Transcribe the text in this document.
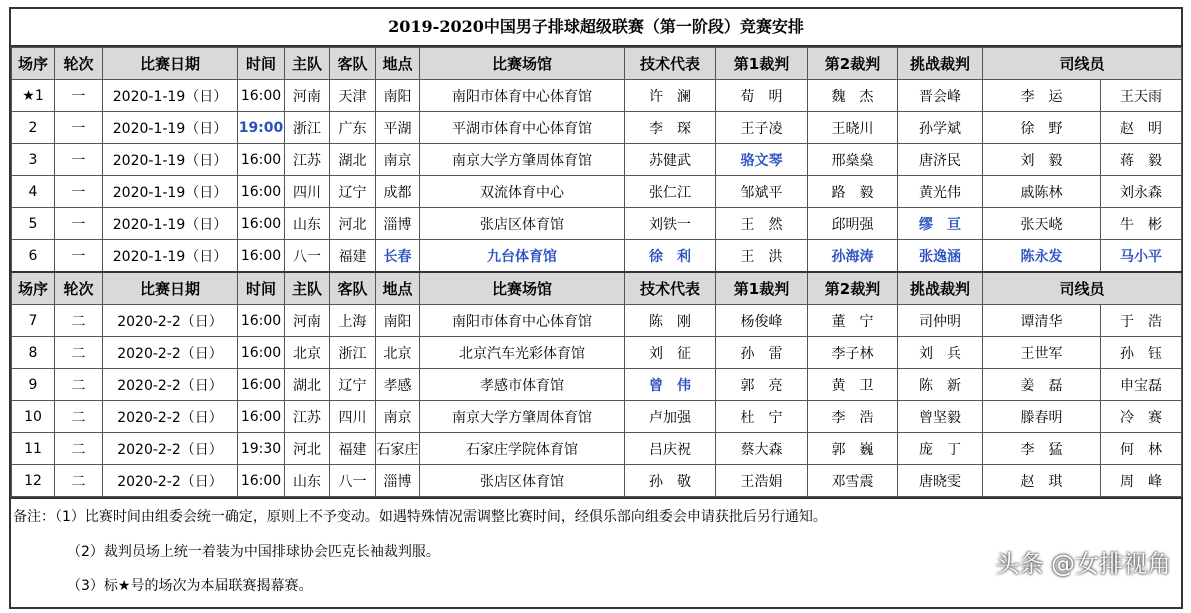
2019-2020中国男子排球超级联赛（第一阶段）竞赛安排
场序	轮次	比赛日期	时间	主队	客队	地点	比赛场馆	技术代表	第1裁判	第2裁判	挑战裁判	司线员	
★1	一	2020-1-19（日）	16:00	河南	天津	南阳	南阳市体育中心体育馆	许　澜	荀　明	魏　杰	晋会峰	李　运	王天雨
2	一	2020-1-19（日）	19:00	浙江	广东	平湖	平湖市体育中心体育馆	李　琛	王子凌	王晓川	孙学斌	徐　野	赵　明
3	一	2020-1-19（日）	16:00	江苏	湖北	南京	南京大学方肇周体育馆	苏健武	骆文琴	邢燊燊	唐济民	刘　毅	蒋　毅
4	一	2020-1-19（日）	16:00	四川	辽宁	成都	双流体育中心	张仁江	邹斌平	路　毅	黄光伟	戚陈林	刘永森
5	一	2020-1-19（日）	16:00	山东	河北	淄博	张店区体育馆	刘铁一	王　然	邱明强	缪　亘	张天峣	牛　彬
6	一	2020-1-19（日）	16:00	八一	福建	长春	九台体育馆	徐　利	王　洪	孙海涛	张逸涵	陈永发	马小平
场序	轮次	比赛日期	时间	主队	客队	地点	比赛场馆	技术代表	第1裁判	第2裁判	挑战裁判	司线员	
7	二	2020-2-2（日）	16:00	河南	上海	南阳	南阳市体育中心体育馆	陈　刚	杨俊峰	董　宁	司仲明	谭清华	于　浩
8	二	2020-2-2（日）	16:00	北京	浙江	北京	北京汽车光彩体育馆	刘　征	孙　雷	李子林	刘　兵	王世军	孙　钰
9	二	2020-2-2（日）	16:00	湖北	辽宁	孝感	孝感市体育馆	曾　伟	郭　亮	黄　卫	陈　新	姜　磊	申宝磊
10	二	2020-2-2（日）	16:00	江苏	四川	南京	南京大学方肇周体育馆	卢加强	杜　宁	李　浩	曾坚毅	滕春明	冷　赛
11	二	2020-2-2（日）	19:30	河北	福建	石家庄	石家庄学院体育馆	吕庆祝	蔡大森	郭　巍	庞　丁	李　猛	何　林
12	二	2020-2-2（日）	16:00	山东	八一	淄博	张店区体育馆	孙　敬	王浩娟	邓雪震	唐晓雯	赵　琪	周　峰
备注：（1）比赛时间由组委会统一确定，原则上不予变动。如遇特殊情况需调整比赛时间，经俱乐部向组委会申请获批后另行通知。
（2）裁判员场上统一着装为中国排球协会匹克长袖裁判服。
（3）标★号的场次为本届联赛揭幕赛。
头条 @女排视角
